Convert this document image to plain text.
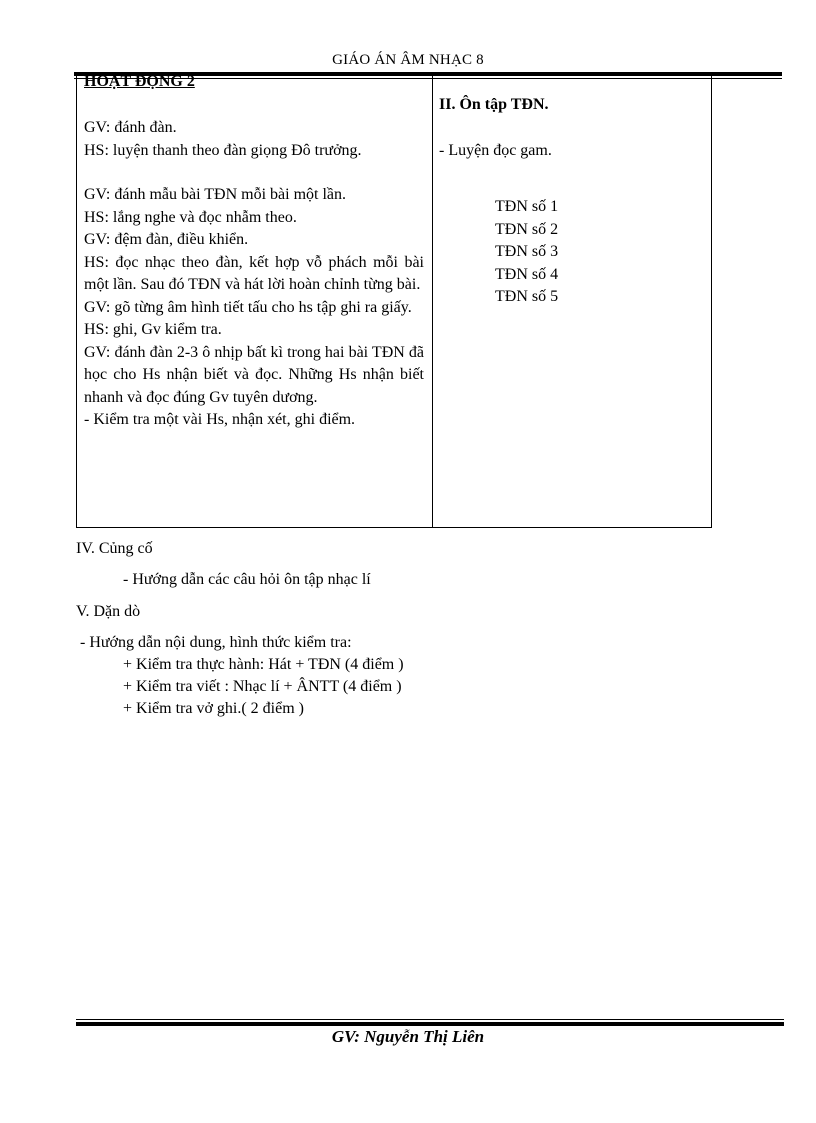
GIÁO ÁN ÂM NHẠC 8

HOẠT ĐỘNG 2

GV: đánh đàn.

HS: luyện thanh theo đàn giọng Đô trưởng.

GV: đánh mẫu bài TĐN mỗi bài một lần.

HS: lắng nghe và đọc nhẫm theo.

GV: đệm đàn, điều khiển.

HS: đọc nhạc theo đàn, kết hợp vỗ phách mỗi bài một lần. Sau đó TĐN và hát lời hoàn chỉnh từng bài.

GV: gõ từng âm hình tiết tấu cho hs tập ghi ra giấy.

HS: ghi, Gv kiểm tra.

GV: đánh đàn 2-3 ô nhịp bất kì trong hai bài TĐN đã học cho Hs nhận biết và đọc. Những Hs nhận biết nhanh và đọc đúng Gv tuyên dương.

- Kiểm tra một vài Hs, nhận xét, ghi điểm.

II. Ôn tập TĐN.

- Luyện đọc gam.

TĐN số 1

TĐN số 2

TĐN số 3

TĐN số 4

TĐN số 5

IV. Củng cố

- Hướng dẫn các câu hỏi ôn tập nhạc lí

V. Dặn dò

- Hướng dẫn nội dung, hình thức kiểm tra:

+ Kiểm tra thực hành: Hát + TĐN (4 điểm )

+ Kiểm tra viết : Nhạc lí + ÂNTT (4 điểm )

+ Kiểm tra vở ghi.( 2 điểm )

GV: Nguyễn Thị Liên
